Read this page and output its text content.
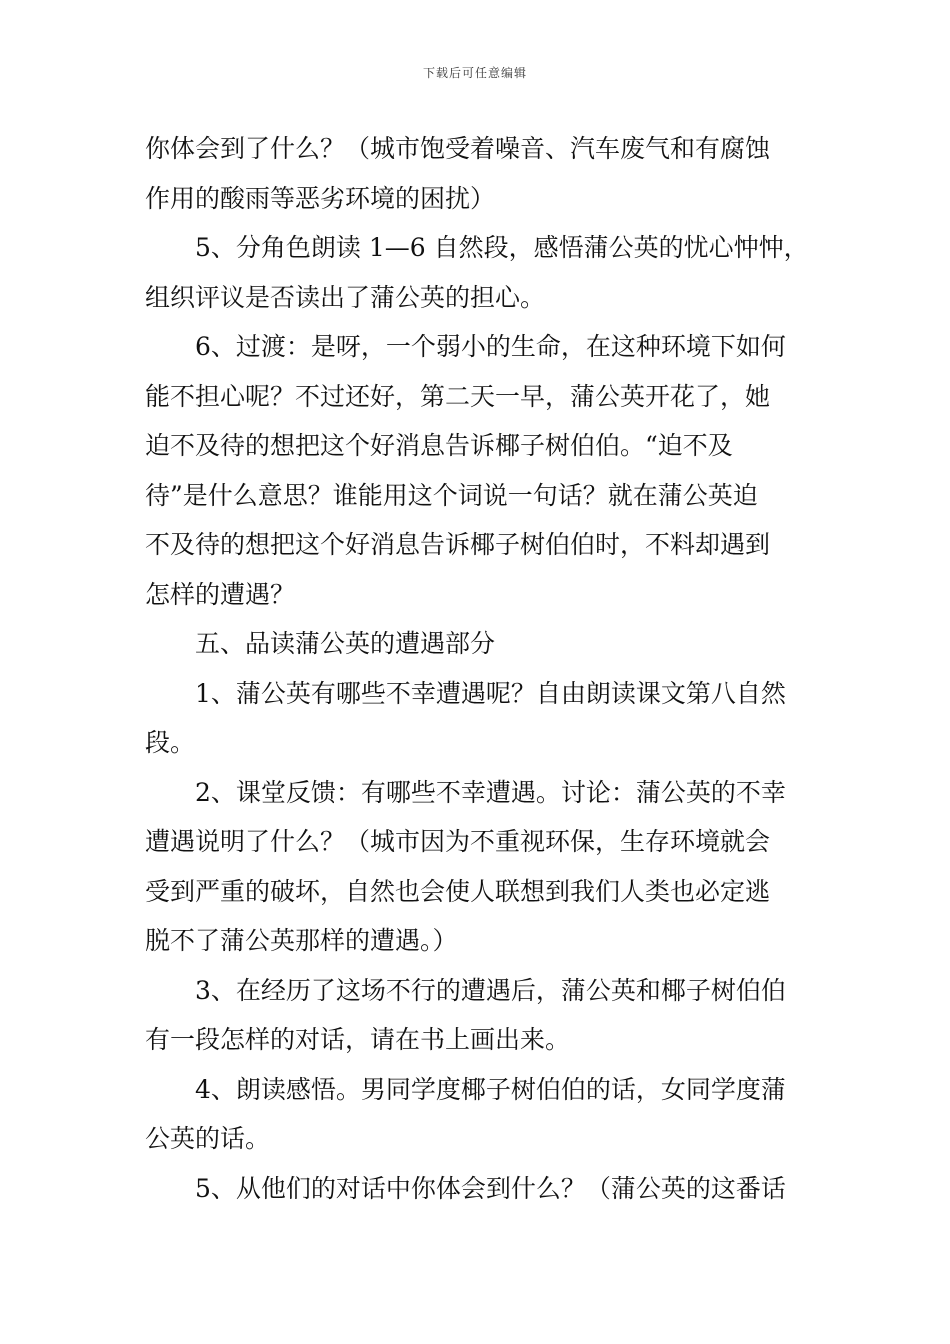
下载后可任意编辑
你体会到了什么？（城市饱受着噪音、汽车废气和有腐蚀
作用的酸雨等恶劣环境的困扰）
5、分角色朗读 1—6 自然段，感悟蒲公英的忧心忡忡，
组织评议是否读出了蒲公英的担心。
6、过渡：是呀，一个弱小的生命，在这种环境下如何
能不担心呢？不过还好，第二天一早，蒲公英开花了，她
迫不及待的想把这个好消息告诉椰子树伯伯。“迫不及
待”是什么意思？谁能用这个词说一句话？就在蒲公英迫
不及待的想把这个好消息告诉椰子树伯伯时，不料却遇到
怎样的遭遇？
五、品读蒲公英的遭遇部分
1、蒲公英有哪些不幸遭遇呢？自由朗读课文第八自然
段。
2、课堂反馈：有哪些不幸遭遇。讨论：蒲公英的不幸
遭遇说明了什么？（城市因为不重视环保，生存环境就会
受到严重的破坏，自然也会使人联想到我们人类也必定逃
脱不了蒲公英那样的遭遇。）
3、在经历了这场不行的遭遇后，蒲公英和椰子树伯伯
有一段怎样的对话，请在书上画出来。
4、朗读感悟。男同学度椰子树伯伯的话，女同学度蒲
公英的话。
5、从他们的对话中你体会到什么？（蒲公英的这番话
